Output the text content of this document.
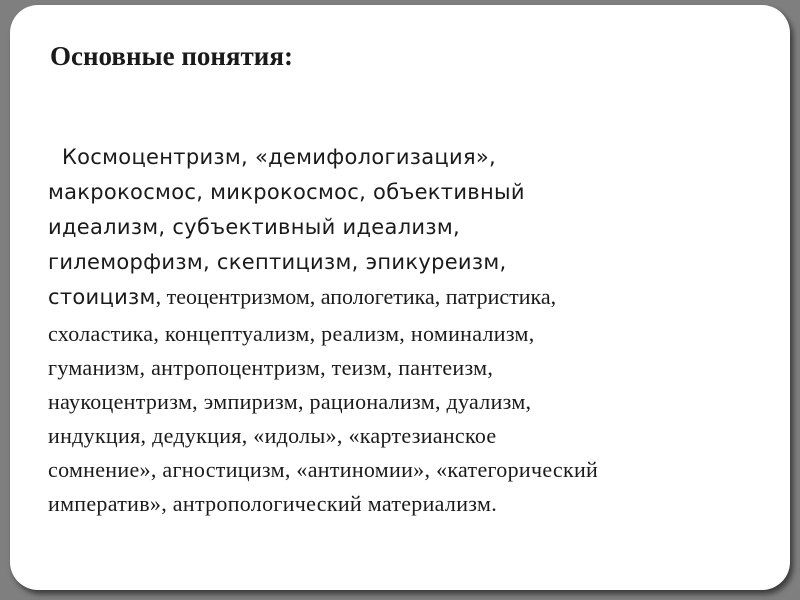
Основные понятия:
Космоцентризм, «демифологизация»,
макрокосмос, микрокосмос, объективный
идеализм, субъективный идеализм,
гилеморфизм, скептицизм, эпикуреизм,
стоицизм, теоцентризмом, апологетика, патристика,
схоластика, концептуализм, реализм, номинализм,
гуманизм, антропоцентризм, теизм, пантеизм,
наукоцентризм, эмпиризм, рационализм, дуализм,
индукция, дедукция, «идолы», «картезианское
сомнение», агностицизм, «антиномии», «категорический
императив», антропологический материализм.
